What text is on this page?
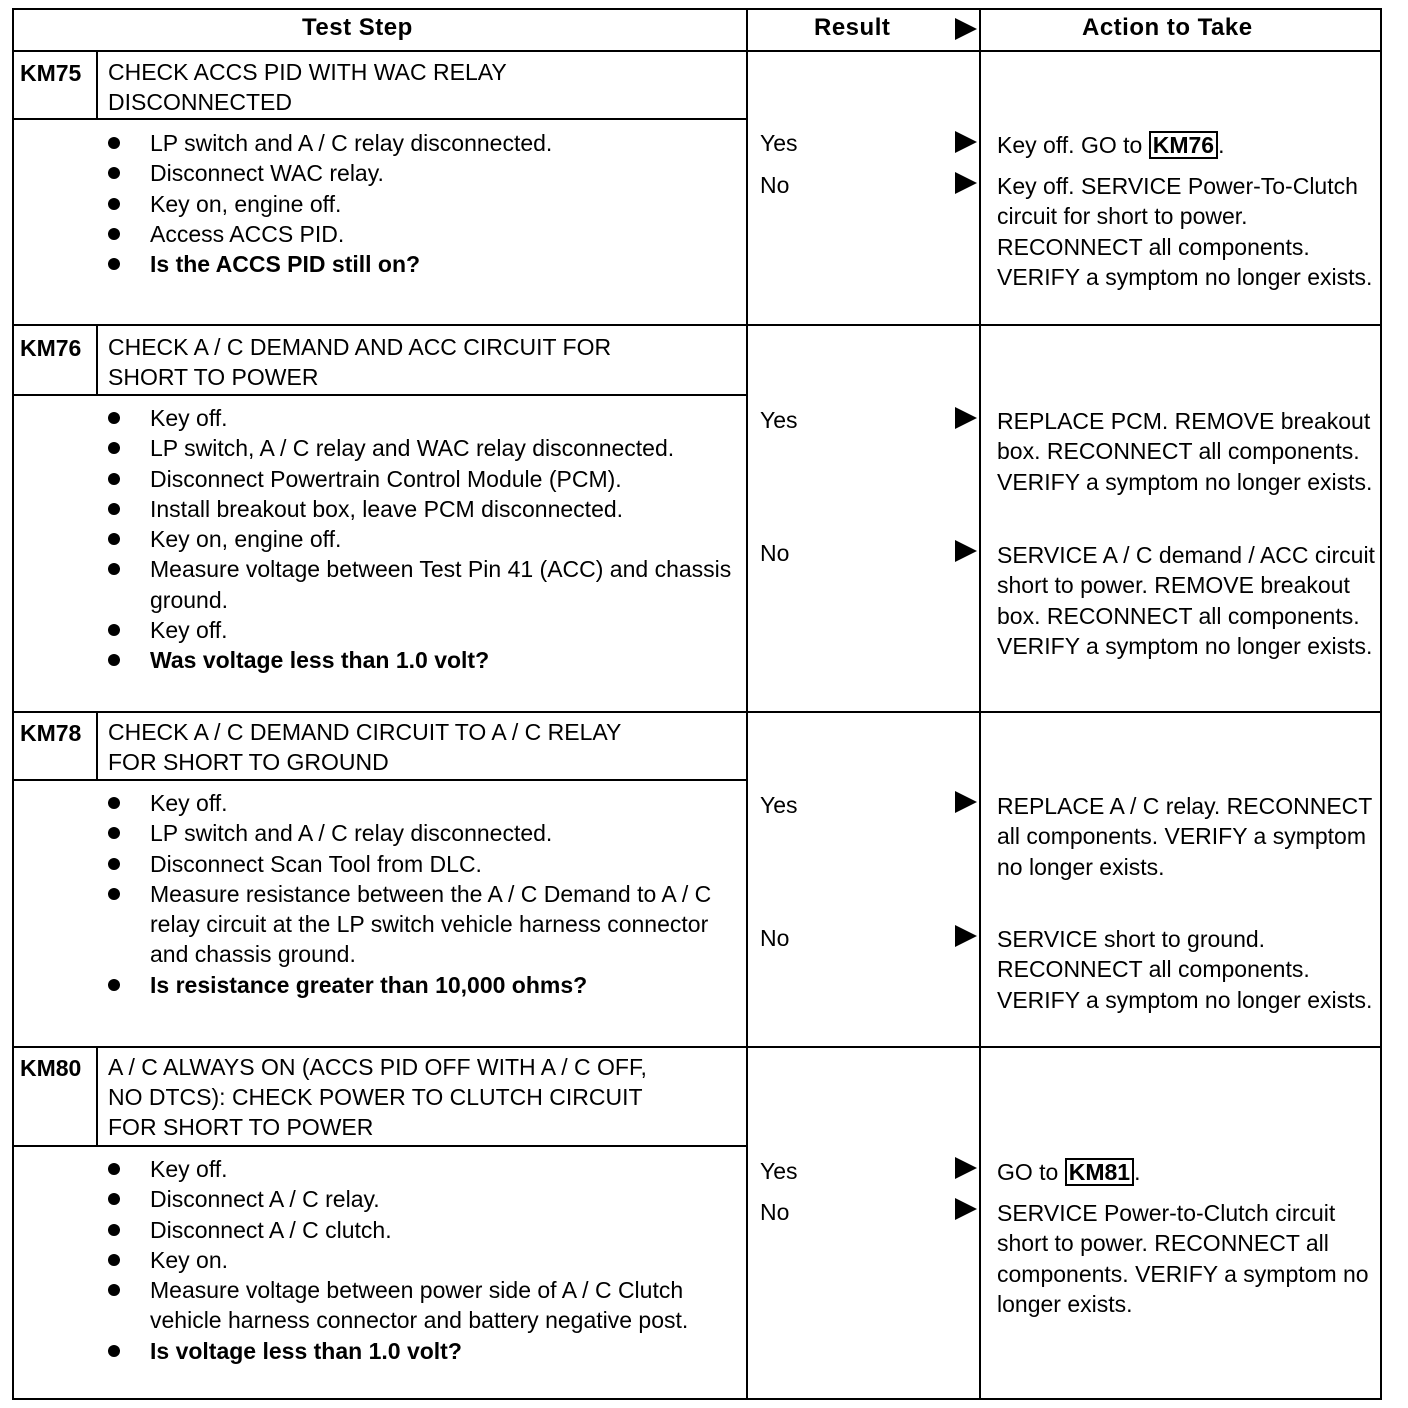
Test Step	Result	Action to Take
KM75 CHECK ACCS PID WITH WAC RELAY
DISCONNECTED
LP switch and A / C relay disconnected.
Disconnect WAC relay.
Key on, engine off.
Access ACCS PID.
Is the ACCS PID still on?
Yes	Key off. GO to KM76 .
No	Key off. SERVICE Power-To-Clutch circuit for short to power. RECONNECT all components. VERIFY a symptom no longer exists.
KM76 CHECK A / C DEMAND AND ACC CIRCUIT FOR
SHORT TO POWER
Key off.
LP switch, A / C relay and WAC relay disconnected.
Disconnect Powertrain Control Module (PCM).
Install breakout box, leave PCM disconnected.
Key on, engine off.
Measure voltage between Test Pin 41 (ACC) and chassis ground.
Key off.
Was voltage less than 1.0 volt?
Yes	REPLACE PCM. REMOVE breakout box. RECONNECT all components. VERIFY a symptom no longer exists.
No	SERVICE A / C demand / ACC circuit short to power. REMOVE breakout box. RECONNECT all components. VERIFY a symptom no longer exists.
KM78 CHECK A / C DEMAND CIRCUIT TO A / C RELAY
FOR SHORT TO GROUND
Key off.
LP switch and A / C relay disconnected.
Disconnect Scan Tool from DLC.
Measure resistance between the A / C Demand to A / C relay circuit at the LP switch vehicle harness connector and chassis ground.
Is resistance greater than 10,000 ohms?
Yes	REPLACE A / C relay. RECONNECT all components. VERIFY a symptom no longer exists.
No	SERVICE short to ground. RECONNECT all components. VERIFY a symptom no longer exists.
KM80 A / C ALWAYS ON (ACCS PID OFF WITH A / C OFF,
NO DTCS): CHECK POWER TO CLUTCH CIRCUIT
FOR SHORT TO POWER
Key off.
Disconnect A / C relay.
Disconnect A / C clutch.
Key on.
Measure voltage between power side of A / C Clutch vehicle harness connector and battery negative post.
Is voltage less than 1.0 volt?
Yes	GO to KM81 .
No	SERVICE Power-to-Clutch circuit short to power. RECONNECT all components. VERIFY a symptom no longer exists.
